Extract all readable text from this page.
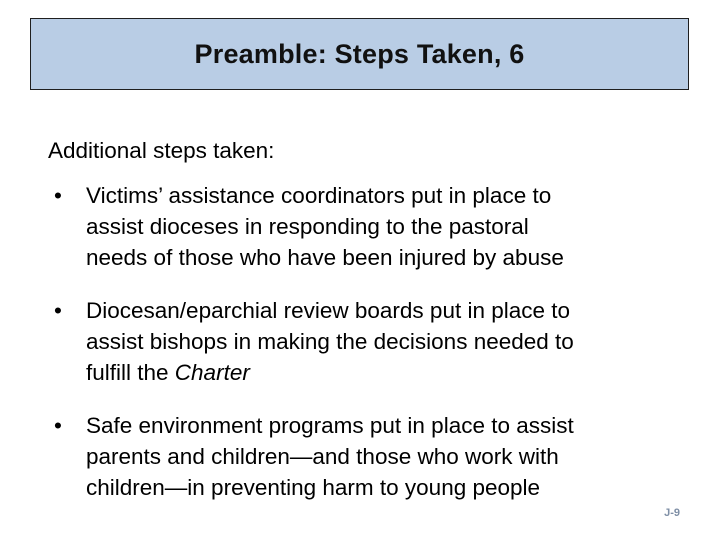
Preamble: Steps Taken, 6
Additional steps taken:
• Victims’ assistance coordinators put in place to
assist dioceses in responding to the pastoral
needs of those who have been injured by abuse
• Diocesan/eparchial review boards put in place to
assist bishops in making the decisions needed to
fulfill the Charter
• Safe environment programs put in place to assist
parents and children—and those who work with
children—in preventing harm to young people
J-9
